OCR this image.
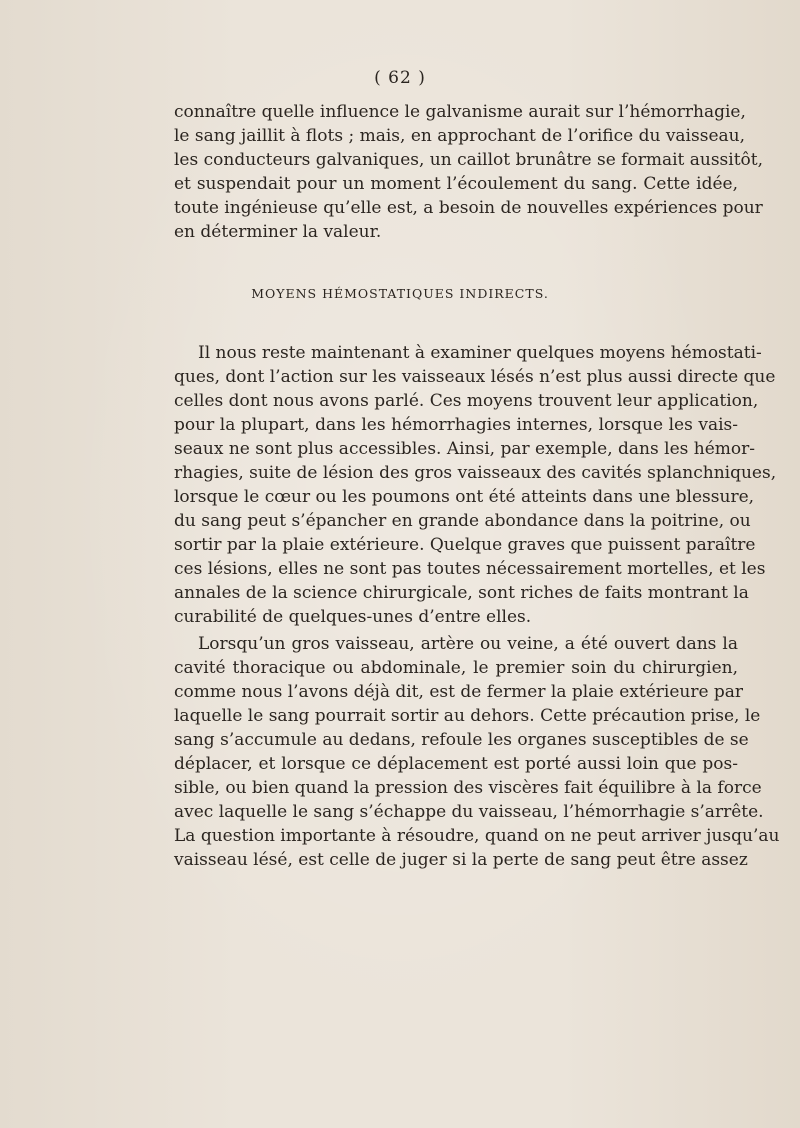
( 62 )
connaître quelle influence le galvanisme aurait sur l’hémorrhagie,
le sang jaillit à flots ; mais, en approchant de l’orifice du vaisseau,
les conducteurs galvaniques, un caillot brunâtre se formait aussitôt,
et suspendait pour un moment l’écoulement du sang. Cette idée,
toute ingénieuse qu’elle est, a besoin de nouvelles expériences pour
en déterminer la valeur.
MOYENS HÉMOSTATIQUES INDIRECTS.
Il nous reste maintenant à examiner quelques moyens hémostati-
ques, dont l’action sur les vaisseaux lésés n’est plus aussi directe que
celles dont nous avons parlé. Ces moyens trouvent leur application,
pour la plupart, dans les hémorrhagies internes, lorsque les vais-
seaux ne sont plus accessibles. Ainsi, par exemple, dans les hémor-
rhagies, suite de lésion des gros vaisseaux des cavités splanchniques,
lorsque le cœur ou les poumons ont été atteints dans une blessure,
du sang peut s’épancher en grande abondance dans la poitrine, ou
sortir par la plaie extérieure. Quelque graves que puissent paraître
ces lésions, elles ne sont pas toutes nécessairement mortelles, et les
annales de la science chirurgicale, sont riches de faits montrant la
curabilité de quelques-unes d’entre elles.
Lorsqu’un gros vaisseau, artère ou veine, a été ouvert dans la
cavité thoracique ou abdominale, le premier soin du chirurgien,
comme nous l’avons déjà dit, est de fermer la plaie extérieure par
laquelle le sang pourrait sortir au dehors. Cette précaution prise, le
sang s’accumule au dedans, refoule les organes susceptibles de se
déplacer, et lorsque ce déplacement est porté aussi loin que pos-
sible, ou bien quand la pression des viscères fait équilibre à la force
avec laquelle le sang s’échappe du vaisseau, l’hémorrhagie s’arrête.
La question importante à résoudre, quand on ne peut arriver jusqu’au
vaisseau lésé, est celle de juger si la perte de sang peut être assez
